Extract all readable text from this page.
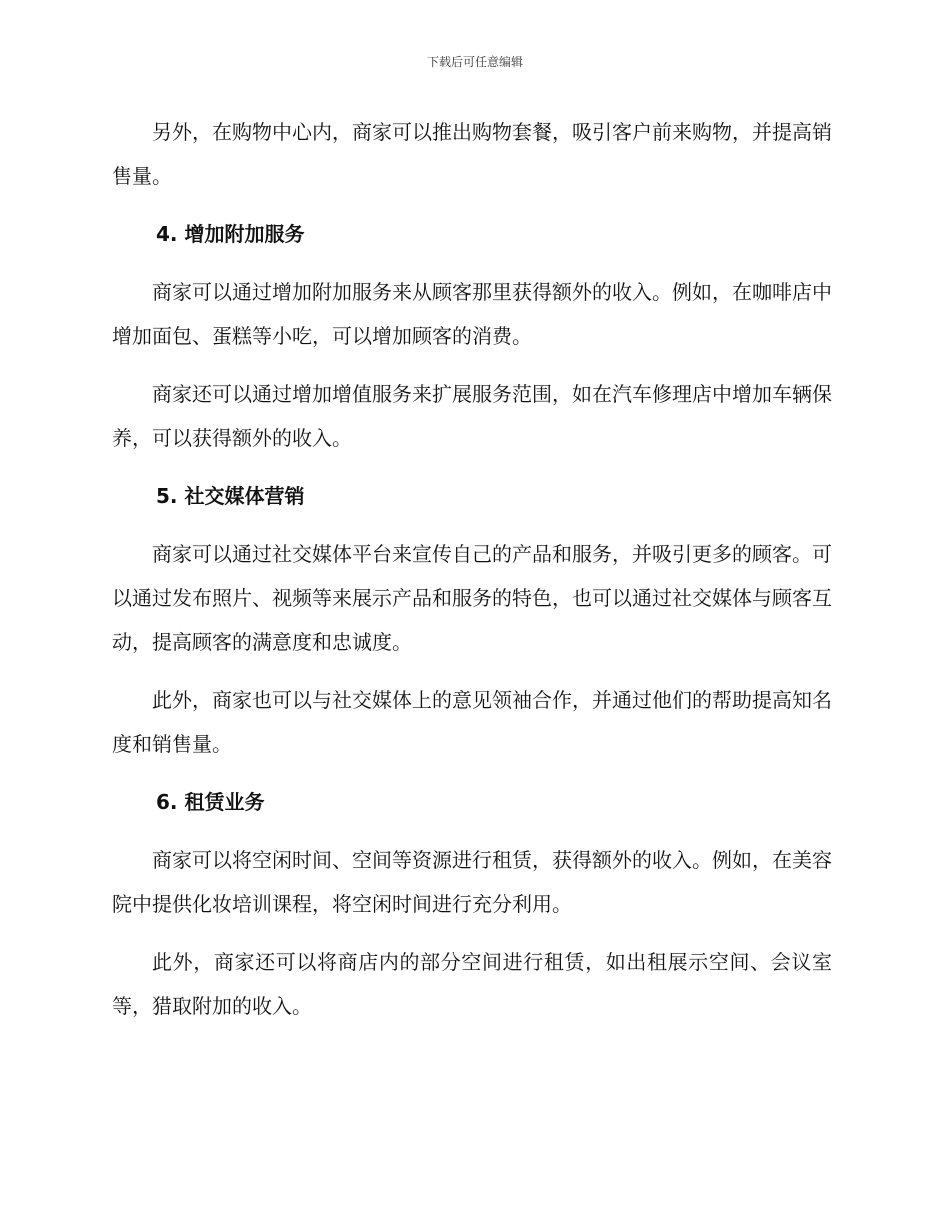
下载后可任意编辑

另外，在购物中心内，商家可以推出购物套餐，吸引客户前来购物，并提高销售量。

4. 增加附加服务

商家可以通过增加附加服务来从顾客那里获得额外的收入。例如，在咖啡店中增加面包、蛋糕等小吃，可以增加顾客的消费。

商家还可以通过增加增值服务来扩展服务范围，如在汽车修理店中增加车辆保养，可以获得额外的收入。

5. 社交媒体营销

商家可以通过社交媒体平台来宣传自己的产品和服务，并吸引更多的顾客。可以通过发布照片、视频等来展示产品和服务的特色，也可以通过社交媒体与顾客互动，提高顾客的满意度和忠诚度。

此外，商家也可以与社交媒体上的意见领袖合作，并通过他们的帮助提高知名度和销售量。

6. 租赁业务

商家可以将空闲时间、空间等资源进行租赁，获得额外的收入。例如，在美容院中提供化妆培训课程，将空闲时间进行充分利用。

此外，商家还可以将商店内的部分空间进行租赁，如出租展示空间、会议室等，猎取附加的收入。
